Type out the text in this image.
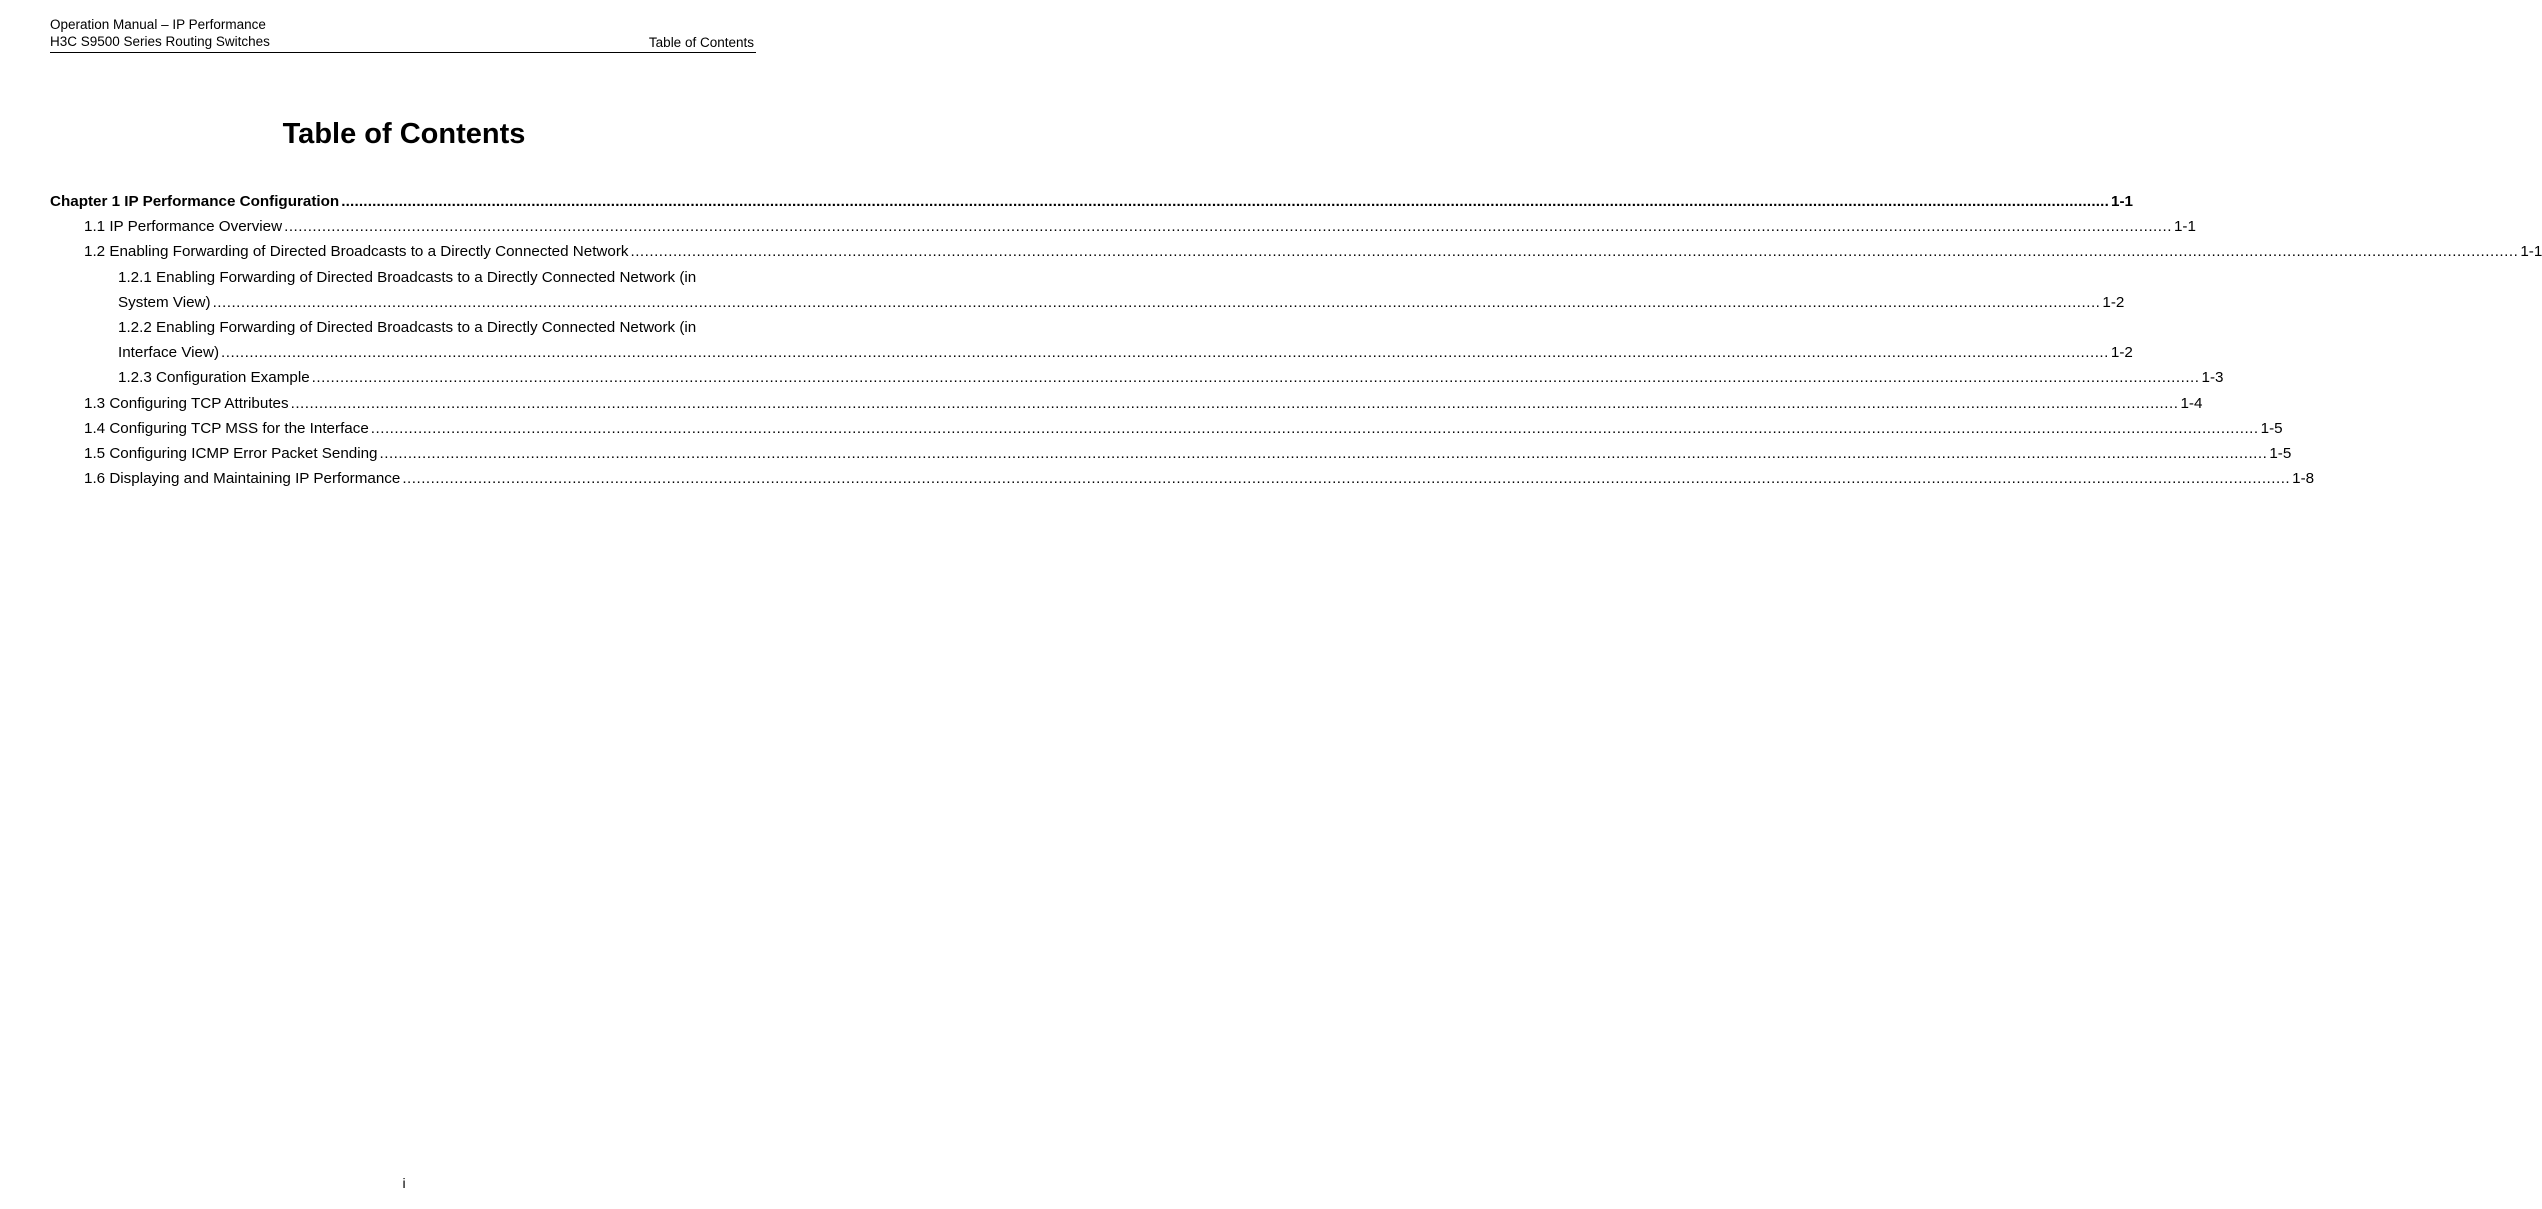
Operation Manual – IP Performance
H3C S9500 Series Routing Switches	Table of Contents
Table of Contents
Chapter 1 IP Performance Configuration ................................................................................................................................................................................................................................................................................................................................................................................................................ 1-1
1.1 IP Performance Overview ................................................................................................................................................................................................................................................................................................................................................................................................................ 1-1
1.2 Enabling Forwarding of Directed Broadcasts to a Directly Connected Network ................................................................................................................................................................................................................................................................................................................................................................................................................ 1-1
1.2.1 Enabling Forwarding of Directed Broadcasts to a Directly Connected Network (in
System View) ................................................................................................................................................................................................................................................................................................................................................................................................................ 1-2
1.2.2 Enabling Forwarding of Directed Broadcasts to a Directly Connected Network (in
Interface View) ................................................................................................................................................................................................................................................................................................................................................................................................................ 1-2
1.2.3 Configuration Example ................................................................................................................................................................................................................................................................................................................................................................................................................ 1-3
1.3 Configuring TCP Attributes ................................................................................................................................................................................................................................................................................................................................................................................................................ 1-4
1.4 Configuring TCP MSS for the Interface ................................................................................................................................................................................................................................................................................................................................................................................................................ 1-5
1.5 Configuring ICMP Error Packet Sending ................................................................................................................................................................................................................................................................................................................................................................................................................ 1-5
1.6 Displaying and Maintaining IP Performance ................................................................................................................................................................................................................................................................................................................................................................................................................ 1-8
i
